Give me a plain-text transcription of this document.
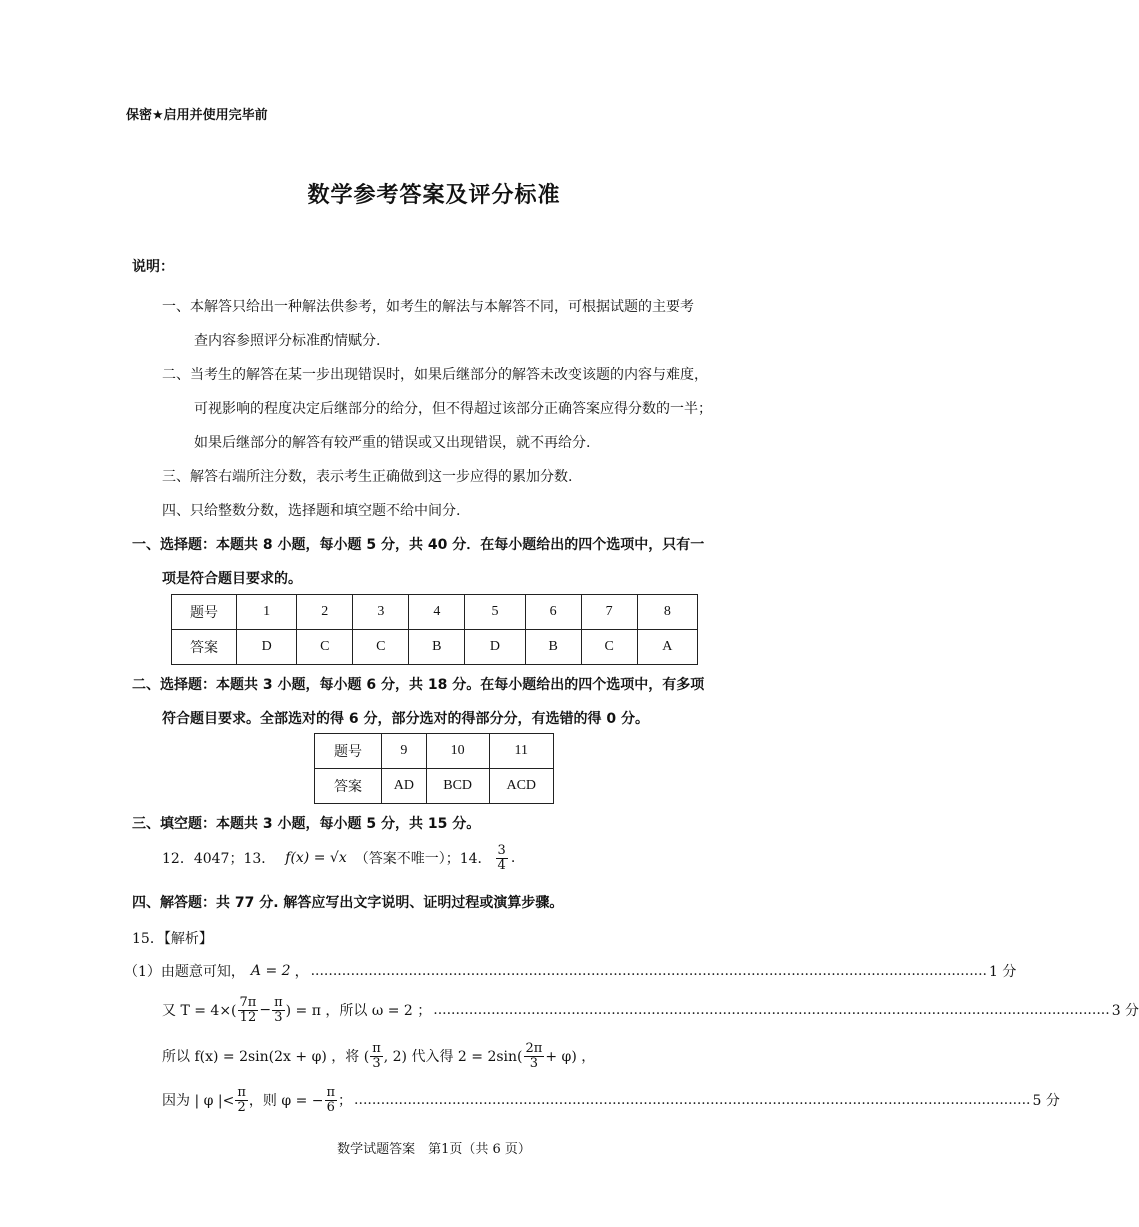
保密★启用并使用完毕前
数学参考答案及评分标准
说明：
一、本解答只给出一种解法供参考，如考生的解法与本解答不同，可根据试题的主要考
查内容参照评分标准酌情赋分.
二、当考生的解答在某一步出现错误时，如果后继部分的解答未改变该题的内容与难度，
可视影响的程度决定后继部分的给分，但不得超过该部分正确答案应得分数的一半；
如果后继部分的解答有较严重的错误或又出现错误，就不再给分.
三、解答右端所注分数，表示考生正确做到这一步应得的累加分数.
四、只给整数分数，选择题和填空题不给中间分.
一、选择题：本题共 8 小题，每小题 5 分，共 40 分．在每小题给出的四个选项中，只有一
项是符合题目要求的。
题号	1	2	3	4	5	6	7	8
答案	D	C	C	B	D	B	C	A
二、选择题：本题共 3 小题，每小题 6 分，共 18 分。在每小题给出的四个选项中，有多项
符合题目要求。全部选对的得 6 分，部分选对的得部分分，有选错的得 0 分。
题号	9	10	11
答案	AD	BCD	ACD
三、填空题：本题共 3 小题，每小题 5 分，共 15 分。
12．4047；13． f(x) = √x （答案不唯一）；14． $\frac{3}{4}$ .
四、解答题：共 77 分. 解答应写出文字说明、证明过程或演算步骤。
15．【解析】
（1）由题意可知， A = 2 ， ........................................................................................................................................................ 1 分
又 $T = 4\times( \frac{7\pi}{12} - \frac{\pi}{3}$ ) = π ，所以 ω = 2 ； ........................................................................................................................................................ 3 分
所以 f(x) = 2sin(2x + φ) ，将 ( $\frac{\pi}{3}$ , 2) 代入得 $2 = 2\sin( \frac{2\pi}{3} + \varphi)$ ，
因为 | φ |< $\frac{\pi}{2}$ ，则 φ = − $\frac{\pi}{6}$ ； ........................................................................................................................................................ 5 分
数学试题答案　第1页（共 6 页）
